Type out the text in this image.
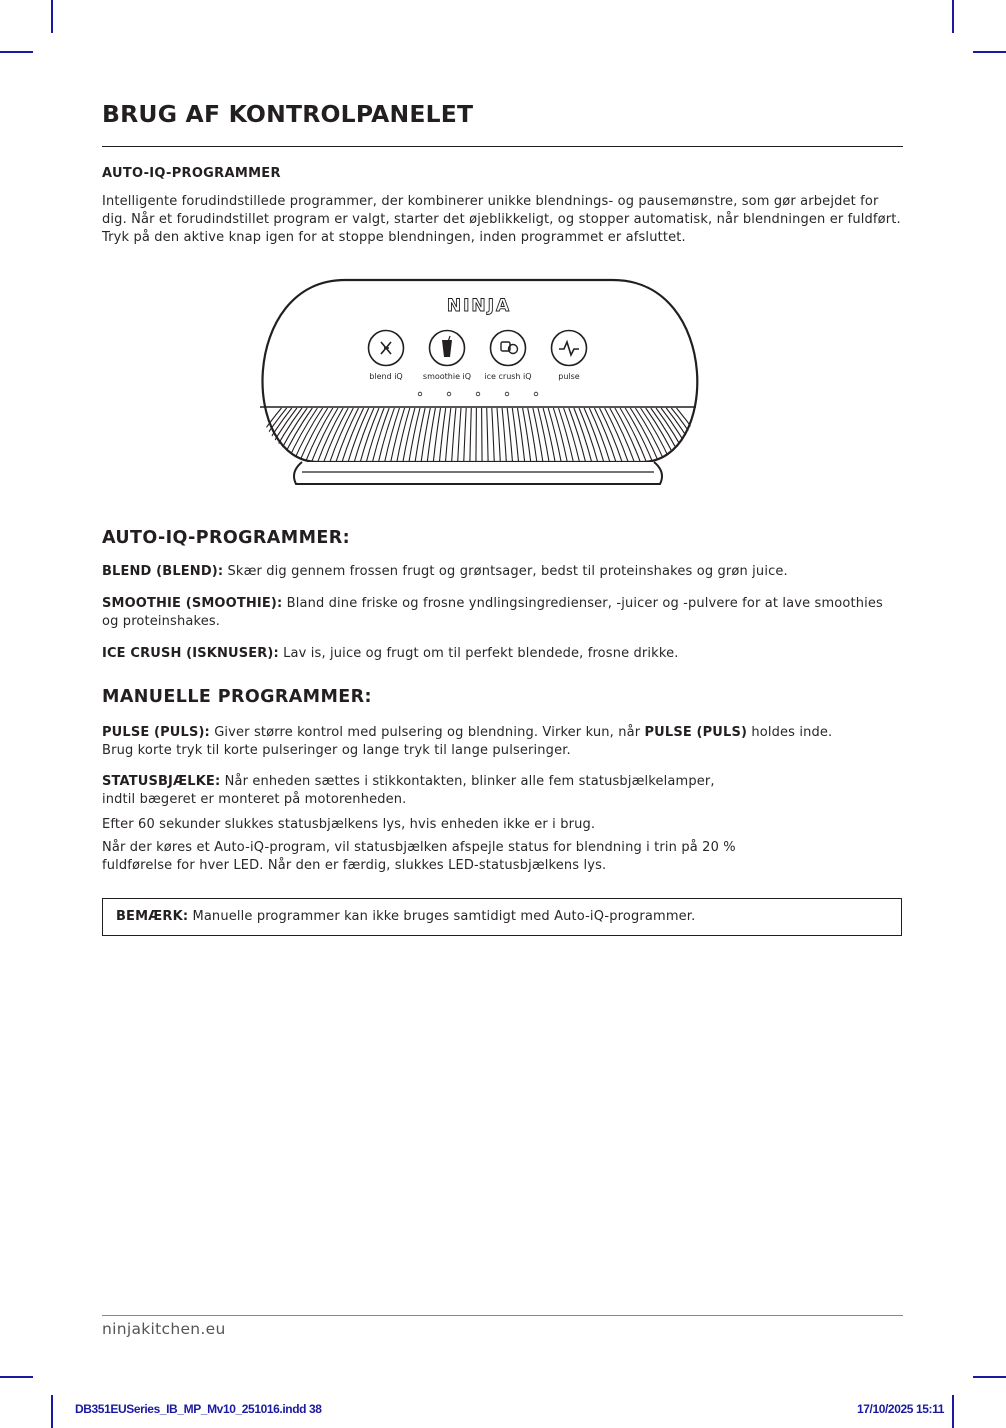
BRUG AF KONTROLPANELET
AUTO-IQ-PROGRAMMER

Intelligente forudindstillede programmer, der kombinerer unikke blendnings- og pausemønstre, som gør arbejdet for dig. Når et forudindstillet program er valgt, starter det øjeblikkeligt, og stopper automatisk, når blendningen er fuldført. Tryk på den aktive knap igen for at stoppe blendningen, inden programmet er afsluttet.

NINJA
blend iQ	smoothie iQ ice crush iQ	pulse
AUTO-IQ-PROGRAMMER:

BLEND (BLEND): Skær dig gennem frossen frugt og grøntsager, bedst til proteinshakes og grøn juice.

SMOOTHIE (SMOOTHIE): Bland dine friske og frosne yndlingsingredienser, -juicer og -pulvere for at lave smoothies og proteinshakes.

ICE CRUSH (ISKNUSER): Lav is, juice og frugt om til perfekt blendede, frosne drikke.

MANUELLE PROGRAMMER:

PULSE (PULS): Giver større kontrol med pulsering og blendning. Virker kun, når PULSE (PULS) holdes inde. Brug korte tryk til korte pulseringer og lange tryk til lange pulseringer.

STATUSBJÆLKE: Når enheden sættes i stikkontakten, blinker alle fem statusbjælkelamper,
indtil bægeret er monteret på motorenheden.

Efter 60 sekunder slukkes statusbjælkens lys, hvis enheden ikke er i brug.

Når der køres et Auto-iQ-program, vil statusbjælken afspejle status for blendning i trin på 20 %
fuldførelse for hver LED. Når den er færdig, slukkes LED-statusbjælkens lys.

BEMÆRK: Manuelle programmer kan ikke bruges samtidigt med Auto-iQ-programmer.

ninjakitchen.eu

DB351EUSeries_IB_MP_Mv10_251016.indd 38	17/10/2025 15:11
